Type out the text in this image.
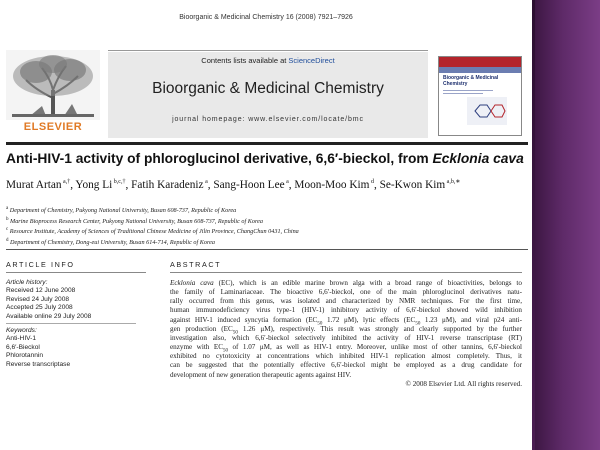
Bioorganic & Medicinal Chemistry 16 (2008) 7921–7926
ELSEVIER
Contents lists available at ScienceDirect
Bioorganic & Medicinal Chemistry
journal homepage: www.elsevier.com/locate/bmc
Bioorganic & Medicinal Chemistry
Anti-HIV-1 activity of phloroglucinol derivative, 6,6′-bieckol, from Ecklonia cava
Murat Artan $^{a,\dagger}$, Yong Li $^{b,c,\dagger}$, Fatih Karadeniz $^a$, Sang-Hoon Lee $^a$, Moon-Moo Kim $^d$, Se-Kwon Kim $^{a,b,∗}$
$^a$ Department of Chemistry, Pukyong National University, Busan 608-737, Republic of Korea
$^b$ Marine Bioprocess Research Center, Pukyong National University, Busan 608-737, Republic of Korea
$^c$ Resource Institute, Academy of Sciences of Traditional Chinese Medicine of Jilin Province, ChangChun 0431, China
$^d$ Department of Chemistry, Dong-eui University, Busan 614-714, Republic of Korea
ARTICLE INFO	ABSTRACT
Article history:
Received 12 June 2008
Revised 24 July 2008
Accepted 25 July 2008
Available online 29 July 2008
Keywords:
Anti-HIV-1
6,6′-Bieckol
Phlorotannin
Reverse transcriptase
Ecklonia cava (EC), which is an edible marine brown alga with a broad range of bioactivities, belongs to
the family of Laminariaceae. The bioactive 6,6′-bieckol, one of the main phloroglucinol derivatives natu-
rally occurred from this genus, was isolated and characterized by NMR techniques. For the first time,
human immunodeficiency virus type-1 (HIV-1) inhibitory activity of 6,6′-bieckol showed wild inhibition
against HIV-1 induced syncytia formation ($EC_{50}$ 1.72 μM), lytic effects ($EC_{50}$ 1.23 μM), and viral p24 anti-
gen production ($EC_{50}$ 1.26 μM), respectively. This result was strongly and clearly supported by the further
investigation also, which 6,6′-bieckol selectively inhibited the activity of HIV-1 reverse transcriptase (RT)
enzyme with $EC_{50}$ of 1.07 μM, as well as HIV-1 entry. Moreover, unlike most of other tannins, 6,6′-bieckol
exhibited no cytotoxicity at concentrations which inhibited HIV-1 replication almost completely. Thus, it
can be suggested that the potentially effective 6,6′-bieckol might be employed as a drug candidate for
development of new generation therapeutic agents against HIV.
© 2008 Elsevier Ltd. All rights reserved.
